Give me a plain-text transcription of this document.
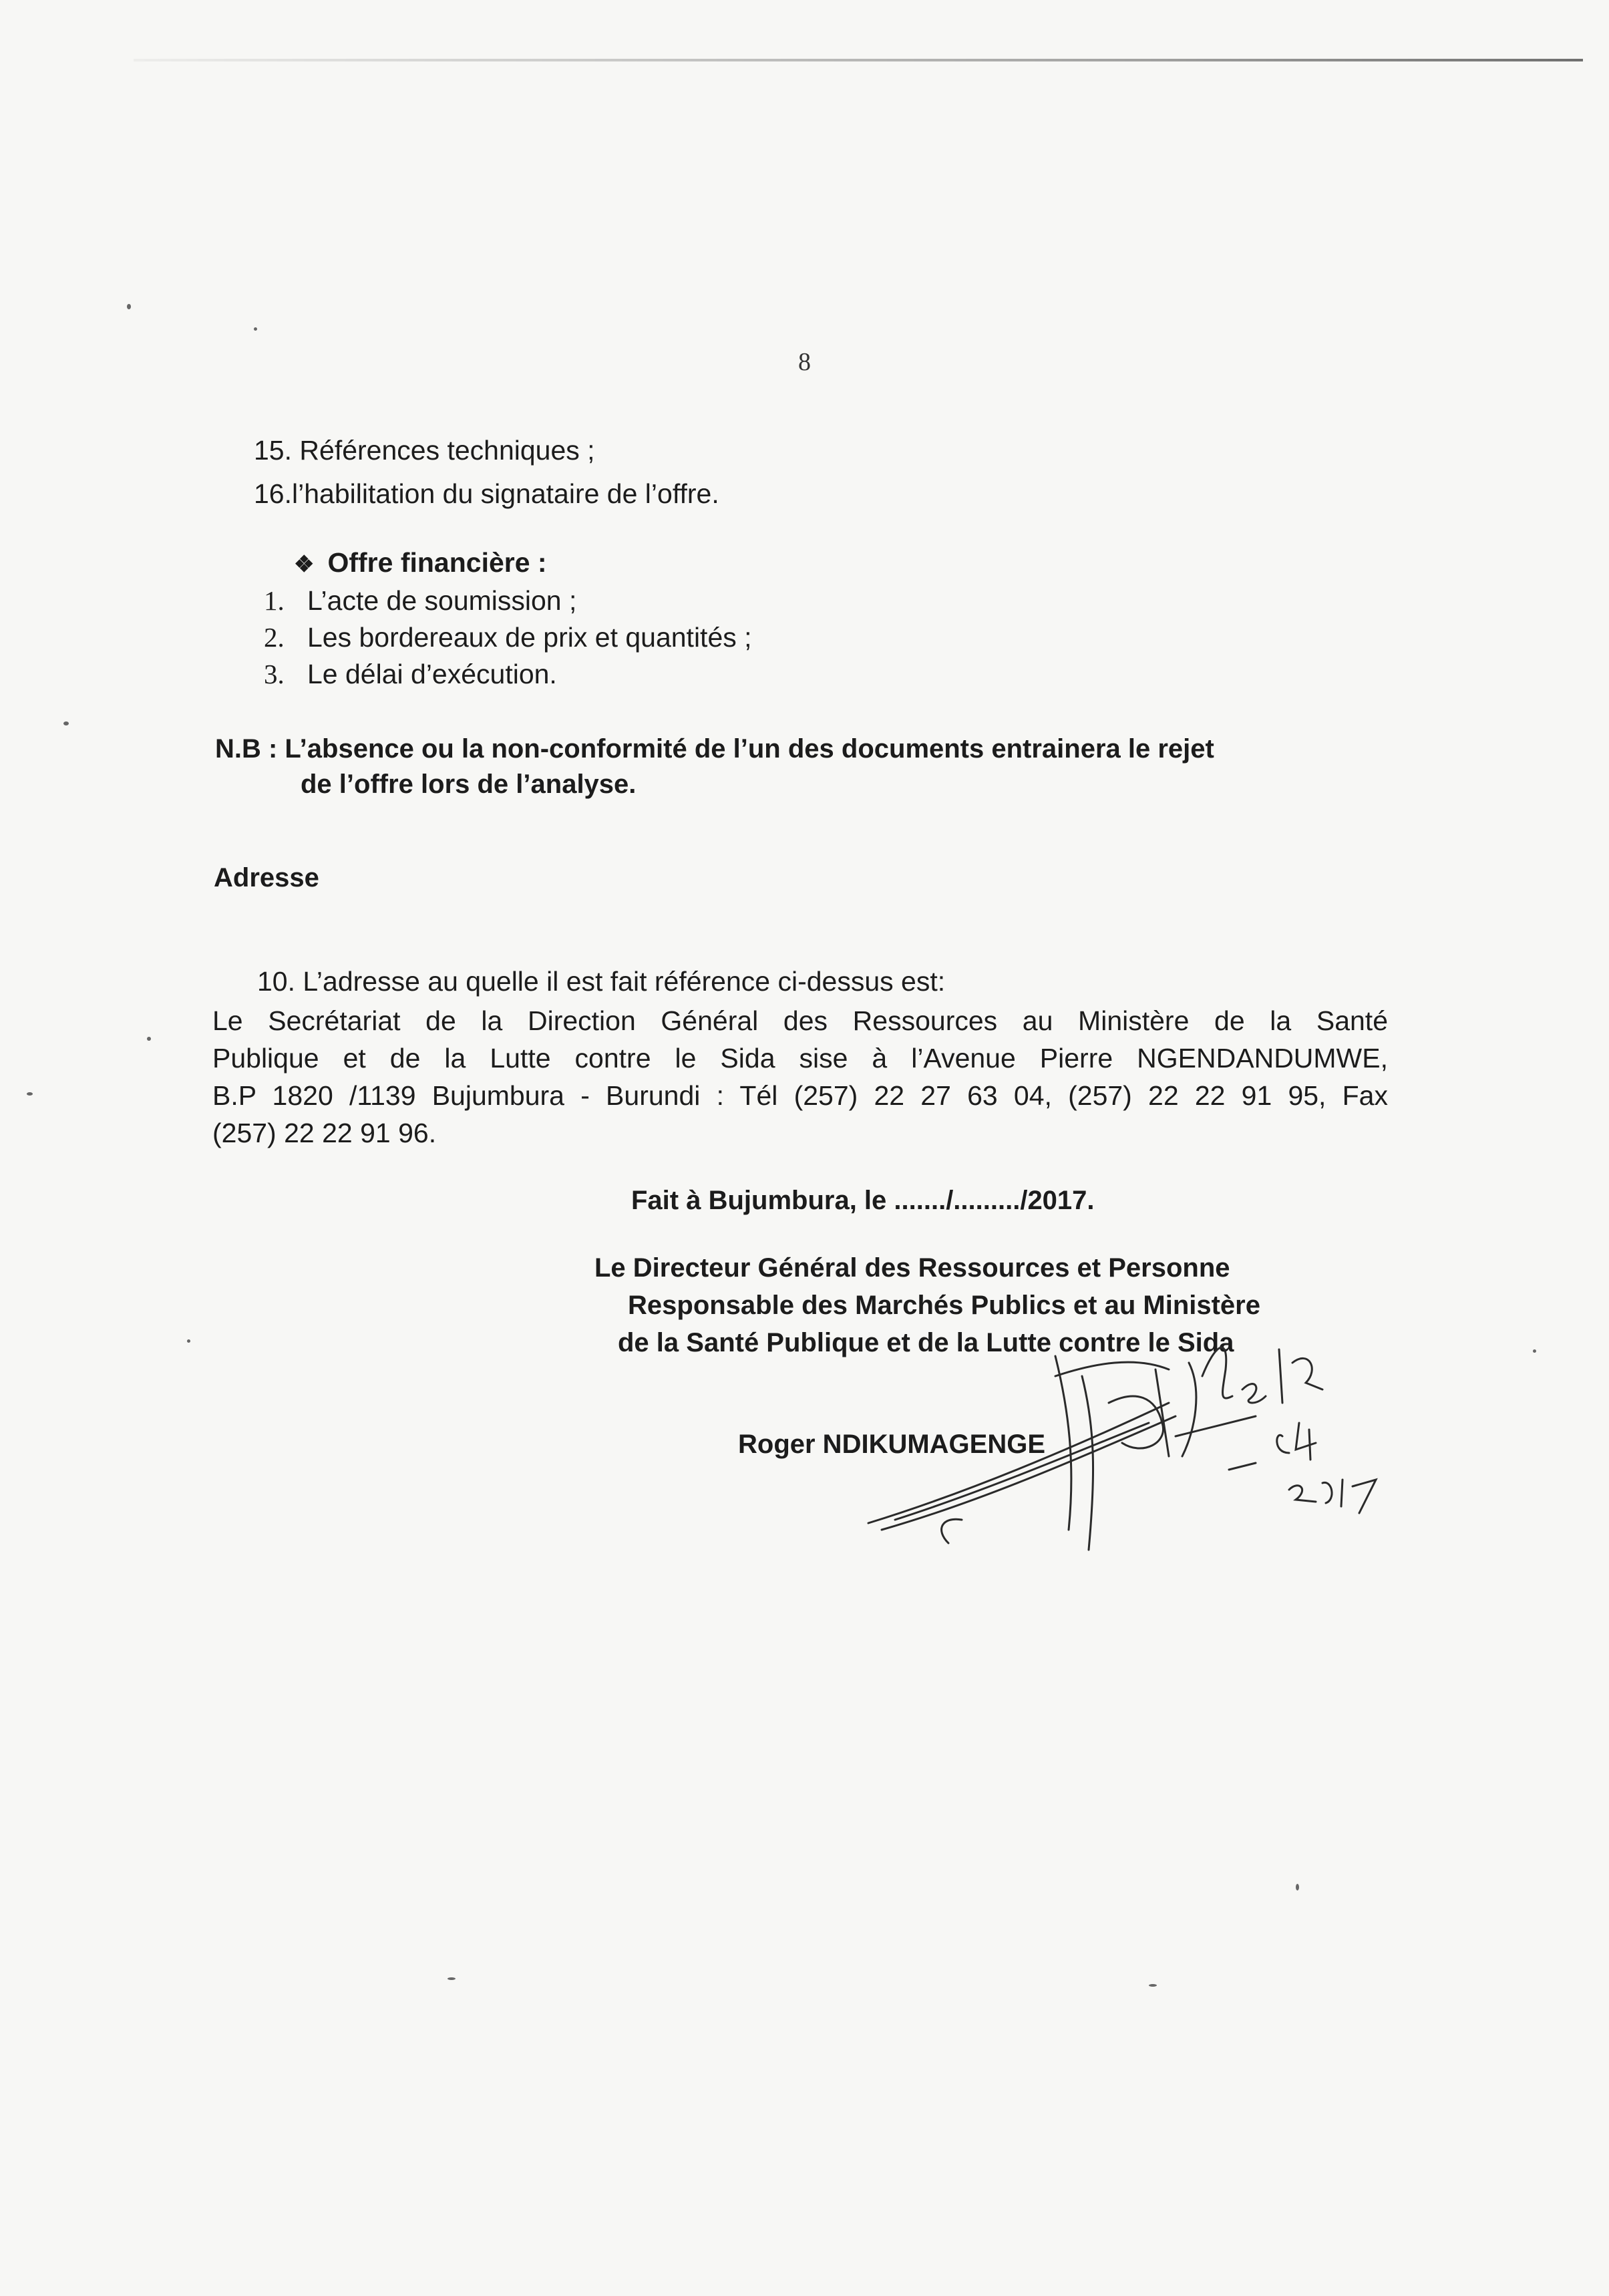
8
15. Références techniques ;
16.l’habilitation du signataire de l’offre.
❖ Offre financière :
1. L’acte de soumission ;
2. Les bordereaux de prix et quantités ;
3. Le délai d’exécution.
N.B : L’absence ou la non-conformité de l’un des documents entrainera le rejet
de l’offre lors de l’analyse.
Adresse
10. L’adresse au quelle il est fait référence ci-dessus est:
Le Secrétariat de la Direction Général des Ressources au Ministère de la Santé
Publique et de la Lutte contre le Sida sise à l’Avenue Pierre NGENDANDUMWE,
B.P 1820 /1139 Bujumbura - Burundi : Tél (257) 22 27 63 04, (257) 22 22 91 95, Fax
(257) 22 22 91 96.
Fait à Bujumbura, le ......./........./2017.
Le Directeur Général des Ressources et Personne
Responsable des Marchés Publics et au Ministère
de la Santé Publique et de la Lutte contre le Sida
Roger NDIKUMAGENGE
